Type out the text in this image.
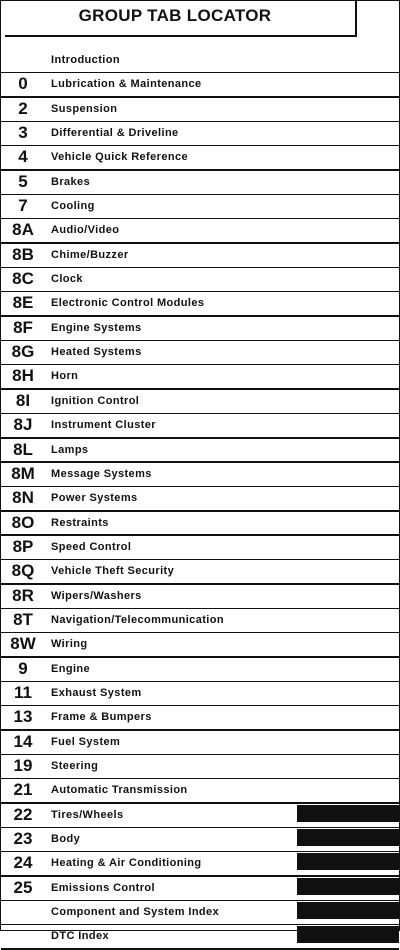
GROUP TAB LOCATOR
Introduction
0	Lubrication & Maintenance
2	Suspension
3	Differential & Driveline
4	Vehicle Quick Reference
5	Brakes
7	Cooling
8A	Audio/Video
8B	Chime/Buzzer
8C	Clock
8E	Electronic Control Modules
8F	Engine Systems
8G	Heated Systems
8H	Horn
8I	Ignition Control
8J	Instrument Cluster
8L	Lamps
8M	Message Systems
8N	Power Systems
8O	Restraints
8P	Speed Control
8Q	Vehicle Theft Security
8R	Wipers/Washers
8T	Navigation/Telecommunication
8W	Wiring
9	Engine
11	Exhaust System
13	Frame & Bumpers
14	Fuel System
19	Steering
21	Automatic Transmission
22	Tires/Wheels
23	Body
24	Heating & Air Conditioning
25	Emissions Control
Component and System Index
DTC Index
